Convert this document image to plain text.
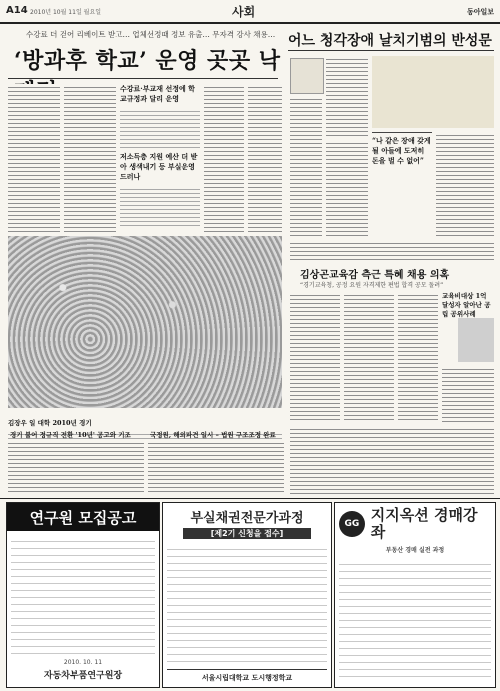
A14 2010년 10월 11일 월요일	사회	동아일보
수강료 더 걷어 리베이트 받고… 업체선정때 정보 유출… 무자격 강사 채용…
‘방과후 학교’ 운영 곳곳 낙
수강료·부교재 선정에 학교규정과 달리 운영
저소득층 지원 예산 더 받아 생색내기 등 부실운영 드러나
김장우 일 대학 2010년 경기
어느 청각장애 날치기범의 반성문
“나 같은 장애 갖게될 아들에 도저히 돈을 벌 수 없어”
김상곤교육감 측근 특혜 채용 의혹
“경기교육청, 공정 요원 자격제한 편법 합격 공모 돌려”
교육비대상 1억 달성자 알아난 공립 공위사례
경기 불어 정규직 전환 '10년' 공고와 기조	국정원, 해외파견 일시 – 법원 구조조정 완료
연구원 모집공고
2010. 10. 11
자동차부품연구원장
부실채권전문가과정
[제2기 신청을 접수]
서울시립대학교 도시행정학교
GG 지지옥션 경매강좌
부동산 경매 실전 과정
